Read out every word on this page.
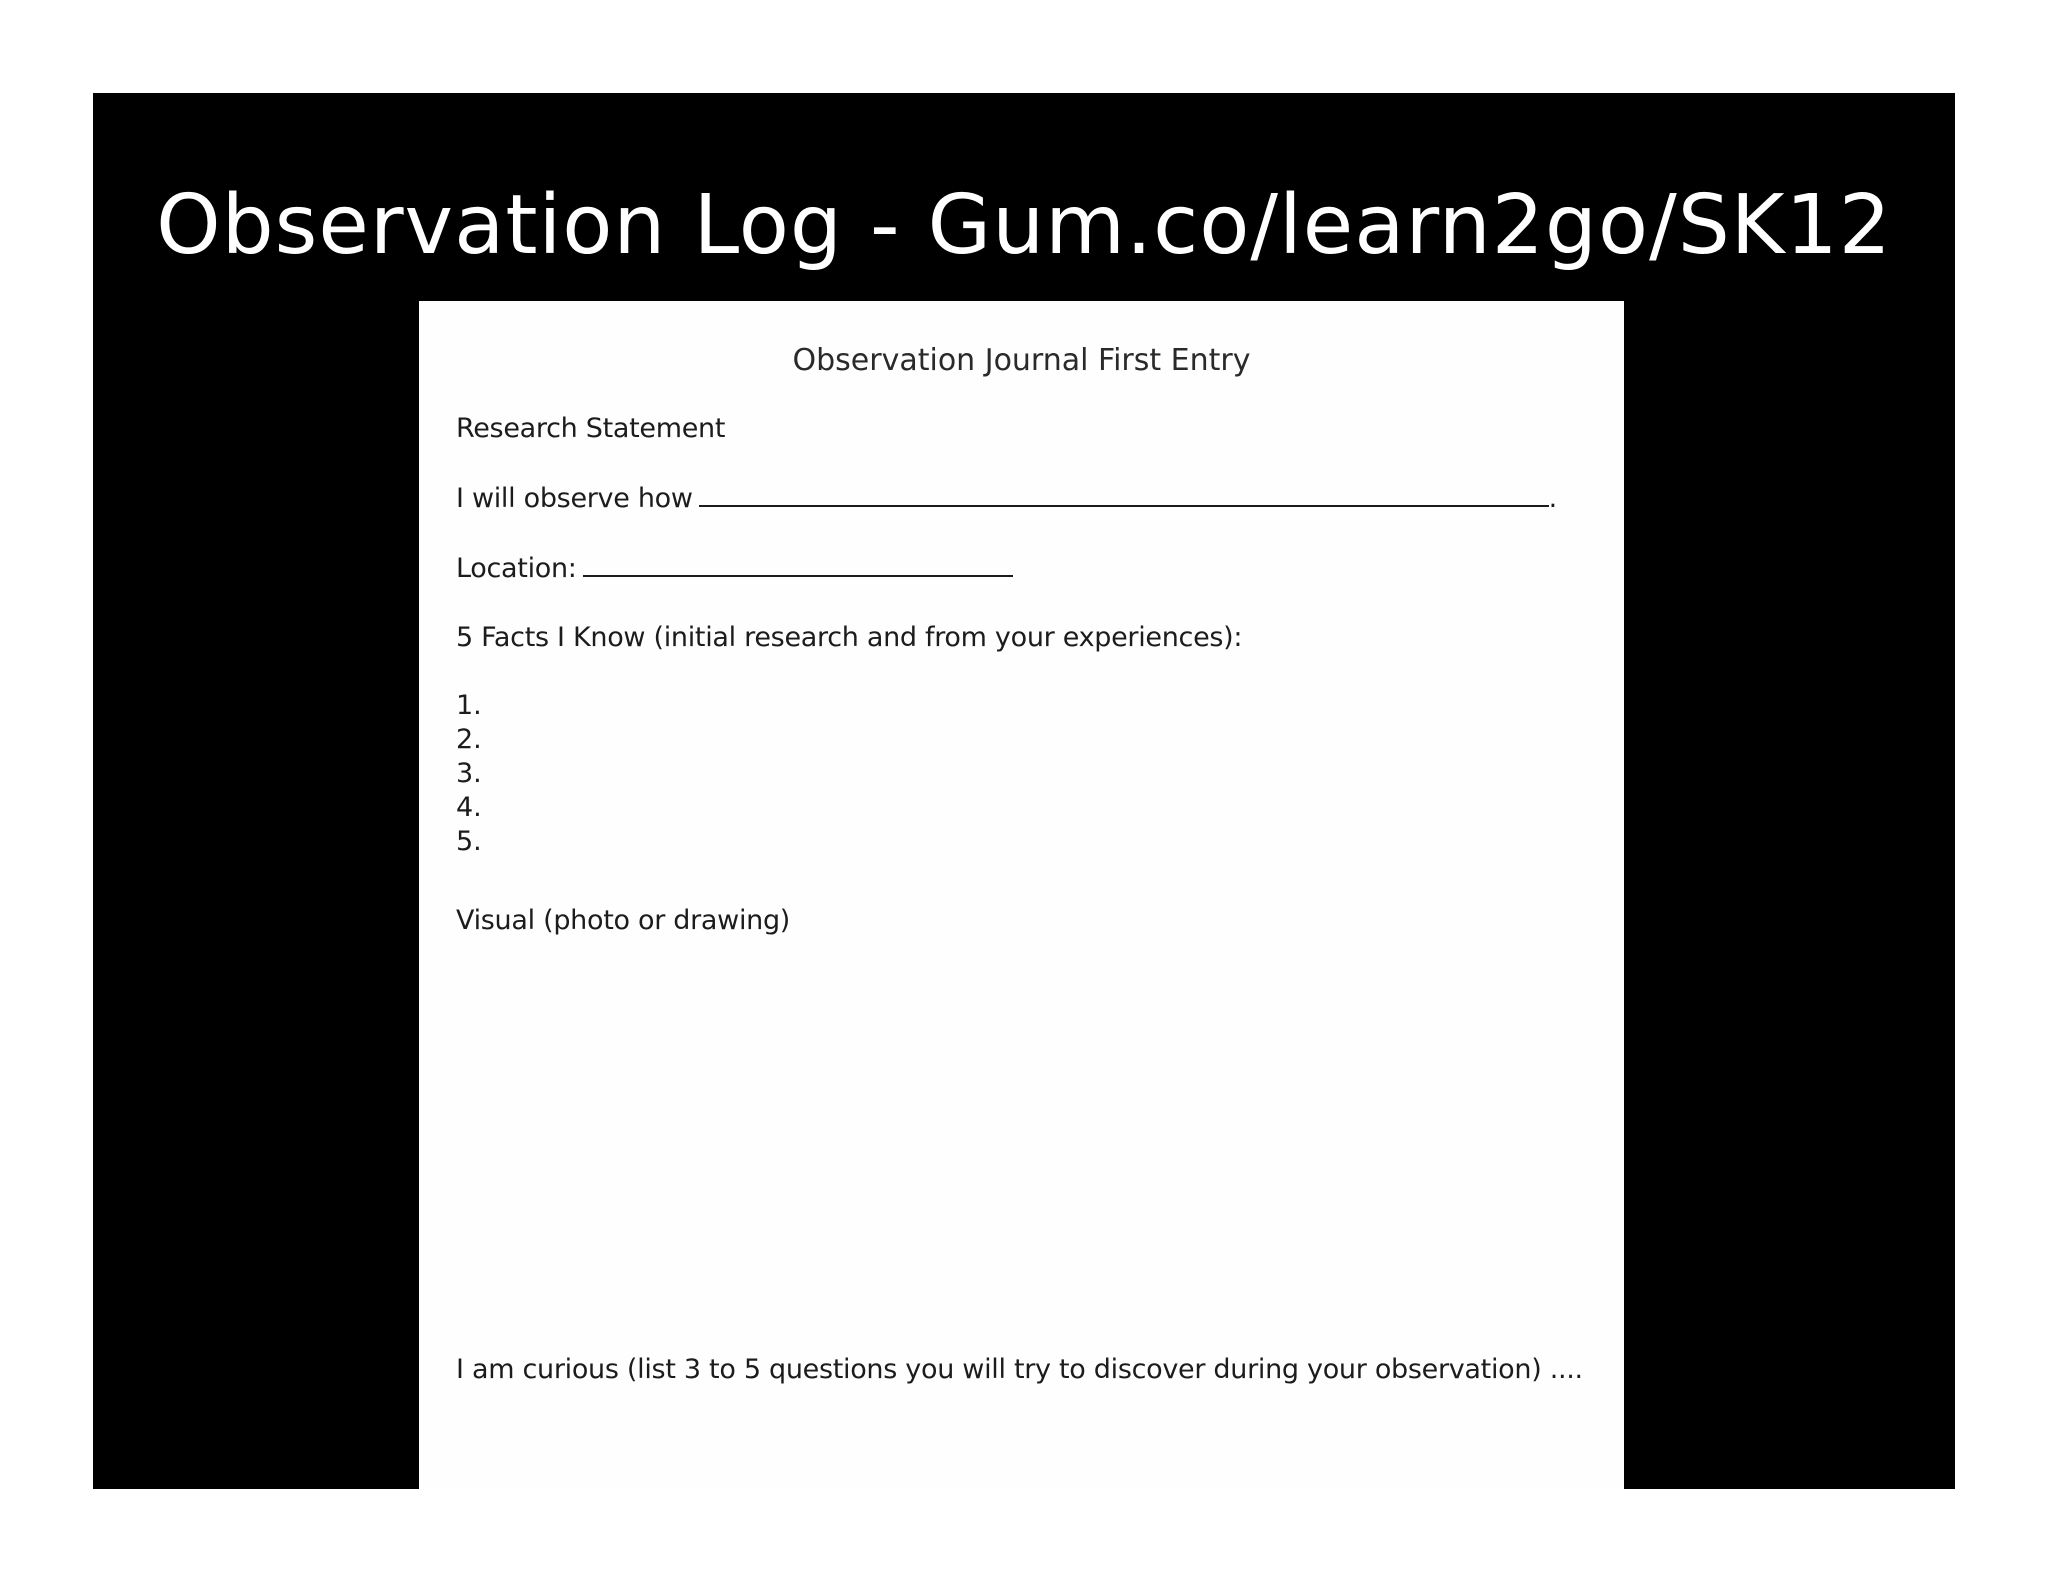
Observation Log - Gum.co/learn2go/SK12
Observation Journal First Entry
Research Statement
I will observe how	.
Location:
5 Facts I Know (initial research and from your experiences):
1.
2.
3.
4.
5.
Visual (photo or drawing)
I am curious (list 3 to 5 questions you will try to discover during your observation) ....
